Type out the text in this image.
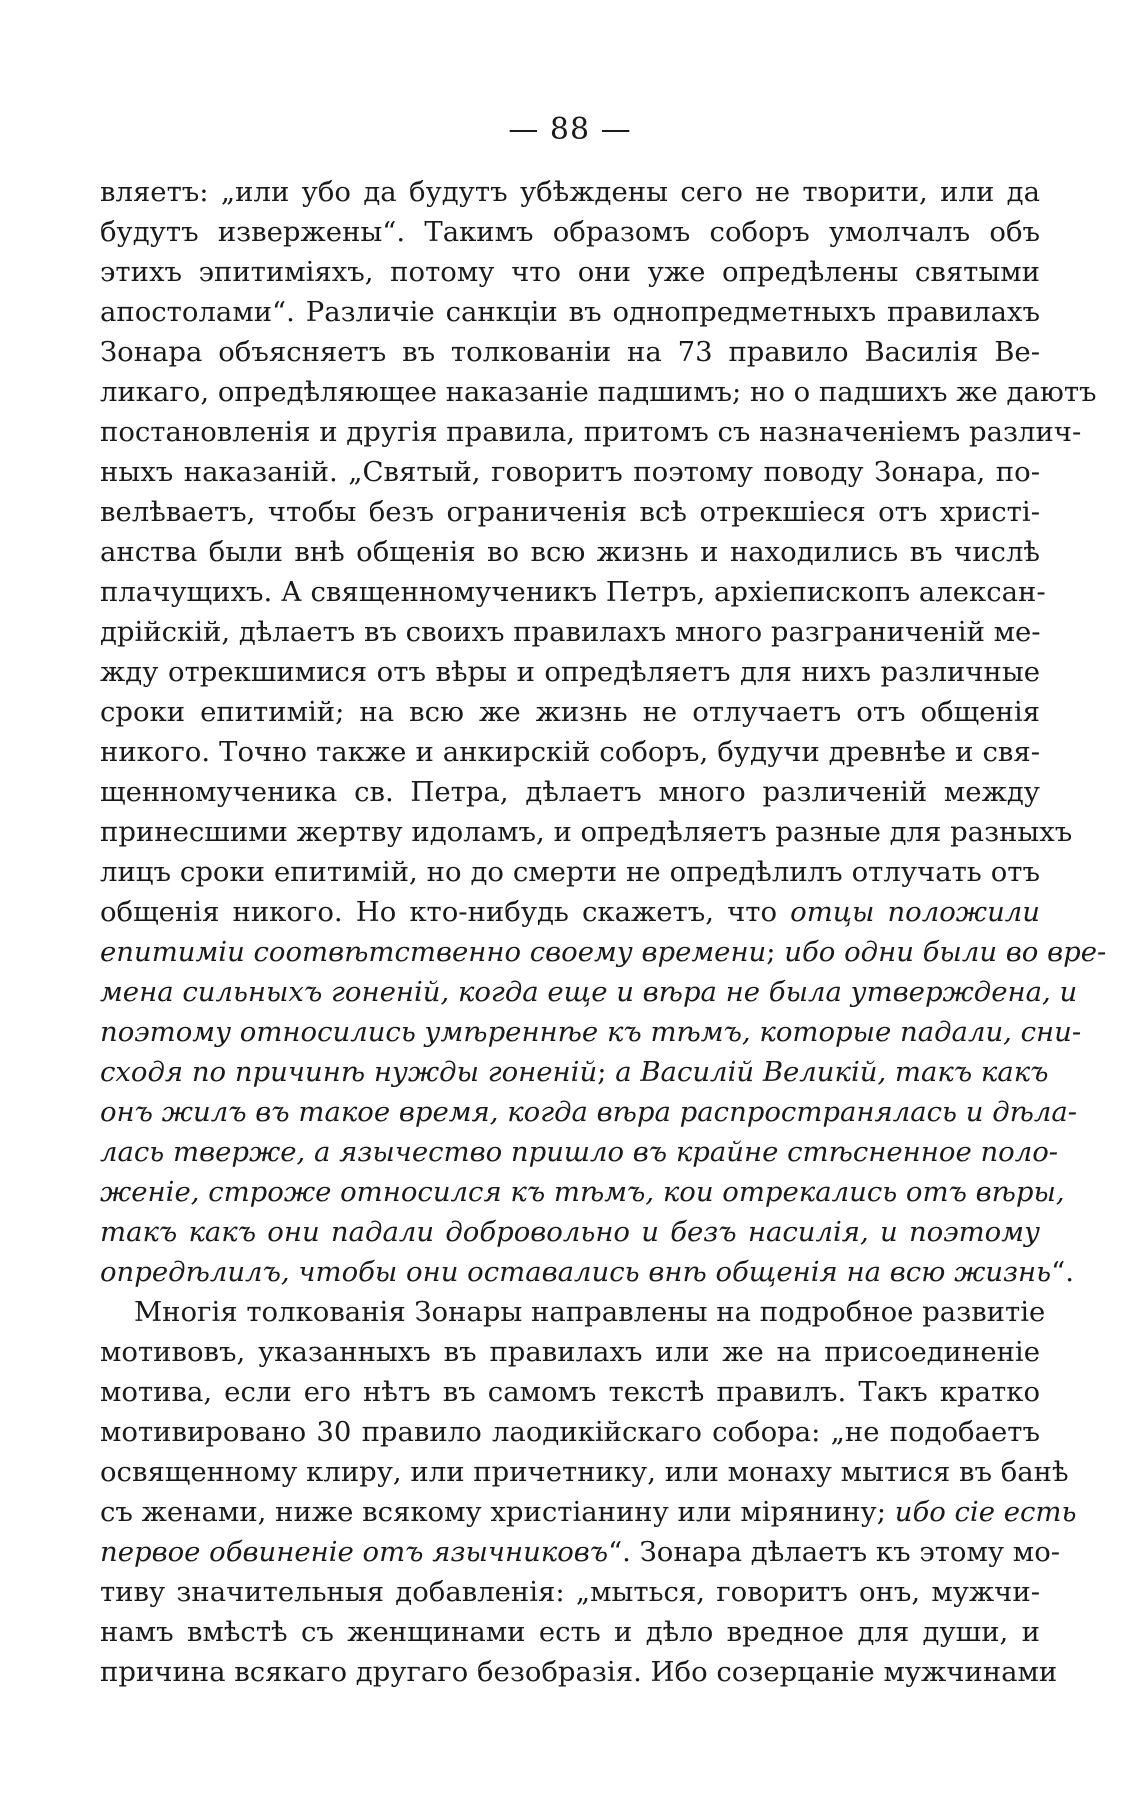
— 88 —
вляетъ: „или убо да будутъ убѣждены сего не творити, или да
будутъ извержены“. Такимъ образомъ соборъ умолчалъ объ
этихъ эпитиміяхъ, потому что они уже опредѣлены святыми
апостолами“. Различіе санкціи въ однопредметныхъ правилахъ
Зонара объясняетъ въ толкованіи на 73 правило Василія Ве-
ликаго, опредѣляющее наказаніе падшимъ; но о падшихъ же даютъ
постановленія и другія правила, притомъ съ назначеніемъ различ-
ныхъ наказаній. „Святый, говоритъ поэтому поводу Зонара, по-
велѣваетъ, чтобы безъ ограниченія всѣ отрекшіеся отъ христі-
анства были внѣ общенія во всю жизнь и находились въ числѣ
плачущихъ. А священномученикъ Петръ, архіепископъ алексан-
дрійскій, дѣлаетъ въ своихъ правилахъ много разграниченій ме-
жду отрекшимися отъ вѣры и опредѣляетъ для нихъ различные
сроки епитимій; на всю же жизнь не отлучаетъ отъ общенія
никого. Точно также и анкирскій соборъ, будучи древнѣе и свя-
щенномученика св. Петра, дѣлаетъ много различеній между
принесшими жертву идоламъ, и опредѣляетъ разные для разныхъ
лицъ сроки епитимій, но до смерти не опредѣлилъ отлучать отъ
общенія никого. Но кто-нибудь скажетъ, что отцы положили
епитиміи соотвѣтственно своему времени; ибо одни были во вре-
мена сильныхъ гоненій, когда еще и вѣра не была утверждена, и
поэтому относились умѣреннѣе къ тѣмъ, которые падали, сни-
сходя по причинѣ нужды гоненій; а Василій Великій, такъ какъ
онъ жилъ въ такое время, когда вѣра распространялась и дѣла-
лась тверже, а язычество пришло въ крайне стѣсненное поло-
женіе, строже относился къ тѣмъ, кои отрекались отъ вѣры,
такъ какъ они падали добровольно и безъ насилія, и поэтому
опредѣлилъ, чтобы они оставались внѣ общенія на всю жизнь“.
Многія толкованія Зонары направлены на подробное развитіе
мотивовъ, указанныхъ въ правилахъ или же на присоединеніе
мотива, если его нѣтъ въ самомъ текстѣ правилъ. Такъ кратко
мотивировано 30 правило лаодикійскаго собора: „не подобаетъ
освященному клиру, или причетнику, или монаху мытися въ банѣ
съ женами, ниже всякому христіанину или мірянину; ибо сіе есть
первое обвиненіе отъ язычниковъ“. Зонара дѣлаетъ къ этому мо-
тиву значительныя добавленія: „мыться, говоритъ онъ, мужчи-
намъ вмѣстѣ съ женщинами есть и дѣло вредное для души, и
причина всякаго другаго безобразія. Ибо созерцаніе мужчинами
